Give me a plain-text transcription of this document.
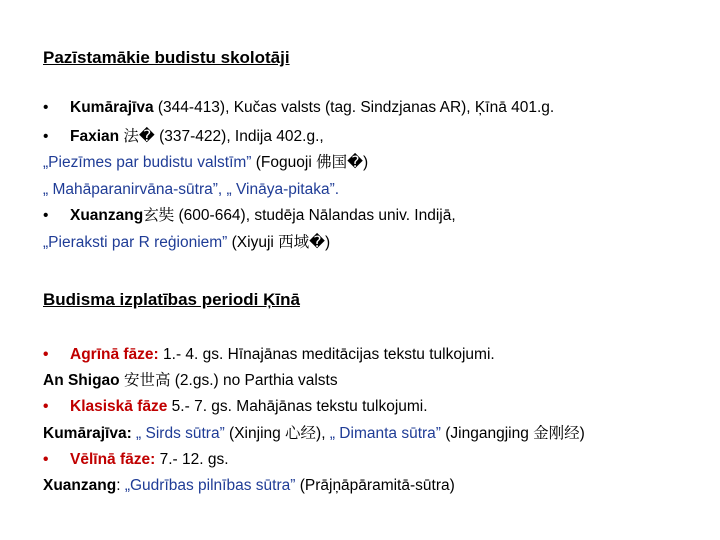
Pazīstamākie budistu skolotāji
• Kumārajīva (344-413), Kučas valsts (tag. Sindzjanas AR), Ķīnā 401.g.
• Faxian 法� (337-422), Indija 402.g.,
„Piezīmes par budistu valstīm” (Foguoji 佛国�)
„ Mahāparanirvāna-sūtra”, „ Vināya-pitaka”.
• Xuanzang玄奘 (600-664), studēja Nālandas univ. Indijā,
„Pieraksti par R reģioniem” (Xiyuji 西域�)
Budisma izplatības periodi Ķīnā
• Agrīnā fāze: 1.- 4. gs. Hīnajānas meditācijas tekstu tulkojumi.
An Shigao 安世高 (2.gs.) no Parthia valsts
• Klasiskā fāze 5.- 7. gs. Mahājānas tekstu tulkojumi.
Kumārajīva: „ Sirds sūtra” (Xinjing 心经), „ Dimanta sūtra” (Jingangjing 金刚经)
• Vēlīnā fāze: 7.- 12. gs.
Xuanzang: „Gudrības pilnības sūtra” (Prājņāpāramitā-sūtra)
